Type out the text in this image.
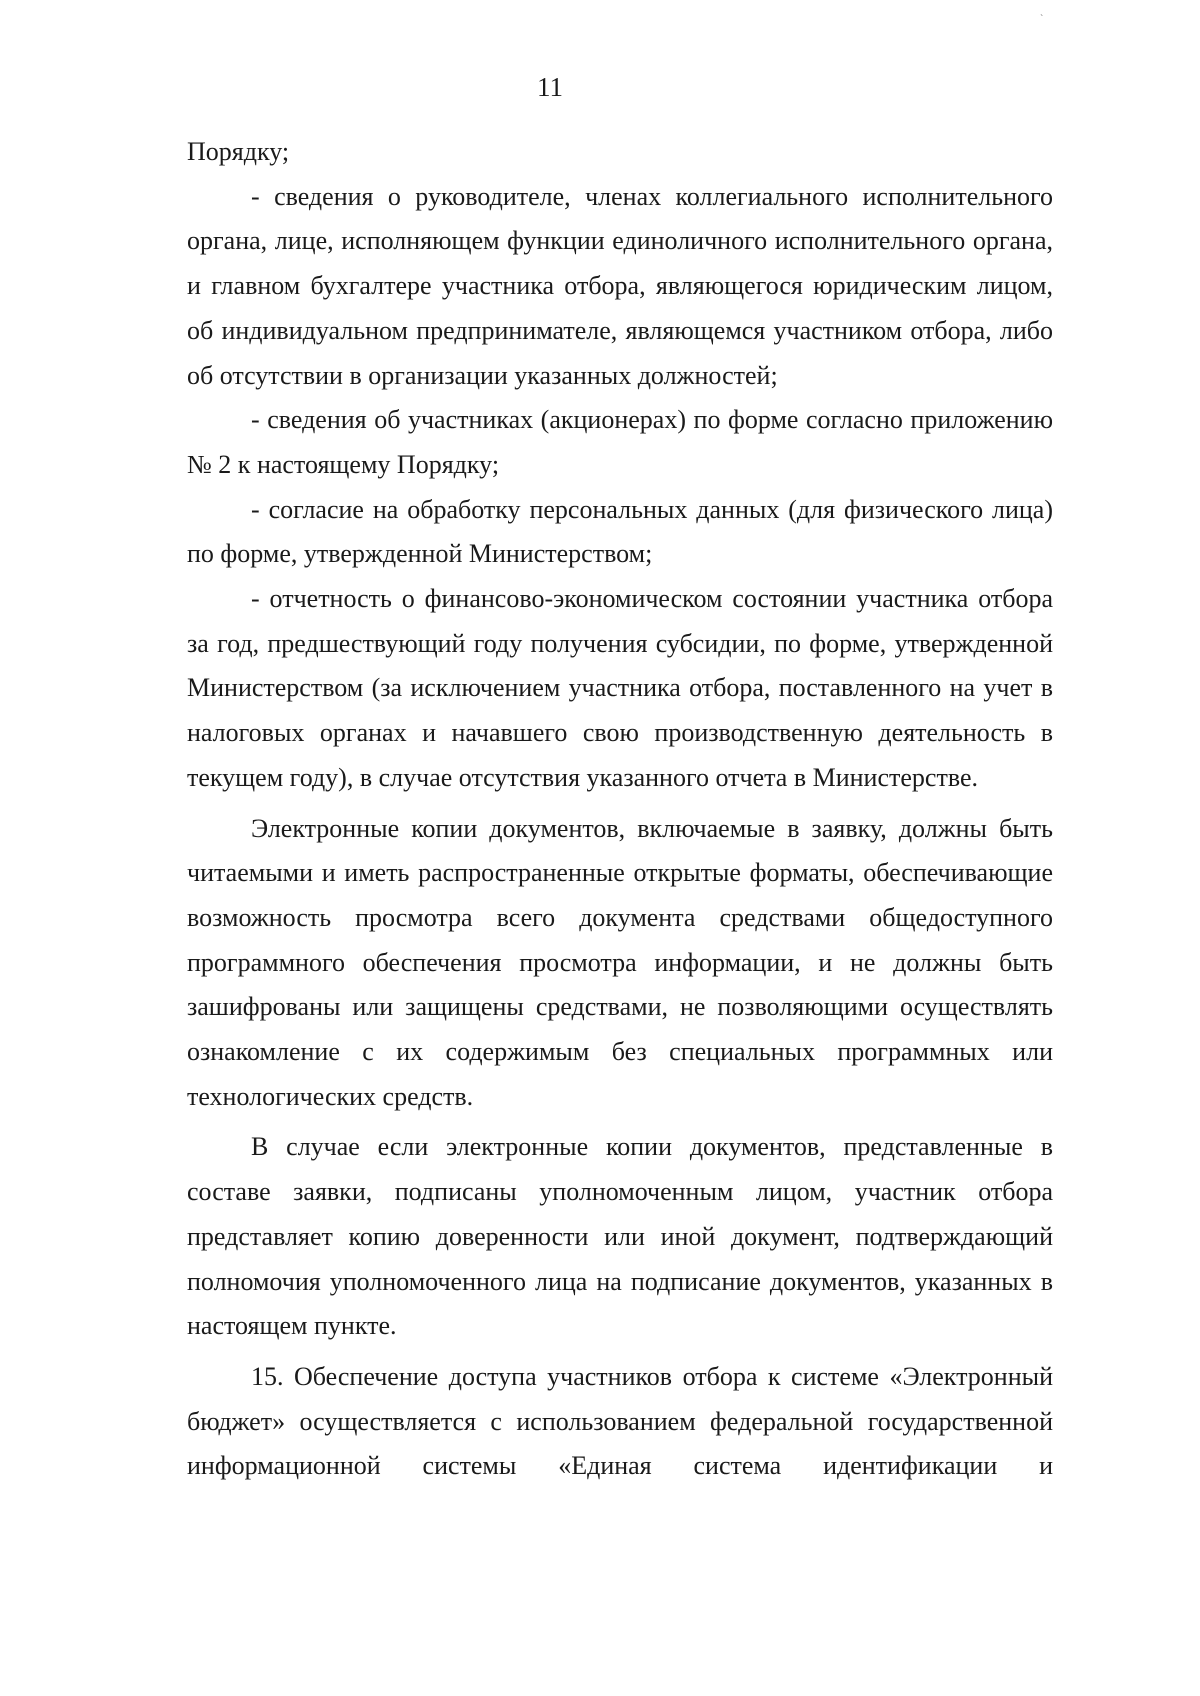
`
11

Порядку;

- сведения о руководителе, членах коллегиального исполнительного органа, лице, исполняющем функции единоличного исполнительного органа, и главном бухгалтере участника отбора, являющегося юридическим лицом, об индивидуальном предпринимателе, являющемся участником отбора, либо об отсутствии в организации указанных должностей;

- сведения об участниках (акционерах) по форме согласно приложению № 2 к настоящему Порядку;

- согласие на обработку персональных данных (для физического лица) по форме, утвержденной Министерством;

- отчетность о финансово-экономическом состоянии участника отбора за год, предшествующий году получения субсидии, по форме, утвержденной Министерством (за исключением участника отбора, поставленного на учет в налоговых органах и начавшего свою производственную деятельность в текущем году), в случае отсутствия указанного отчета в Министерстве.

Электронные копии документов, включаемые в заявку, должны быть читаемыми и иметь распространенные открытые форматы, обеспечивающие возможность просмотра всего документа средствами общедоступного программного обеспечения просмотра информации, и не должны быть зашифрованы или защищены средствами, не позволяющими осуществлять ознакомление с их содержимым без специальных программных или технологических средств.

В случае если электронные копии документов, представленные в составе заявки, подписаны уполномоченным лицом, участник отбора представляет копию доверенности или иной документ, подтверждающий полномочия уполномоченного лица на подписание документов, указанных в настоящем пункте.

15. Обеспечение доступа участников отбора к системе «Электронный бюджет» осуществляется с использованием федеральной государственной информационной системы «Единая система идентификации и
